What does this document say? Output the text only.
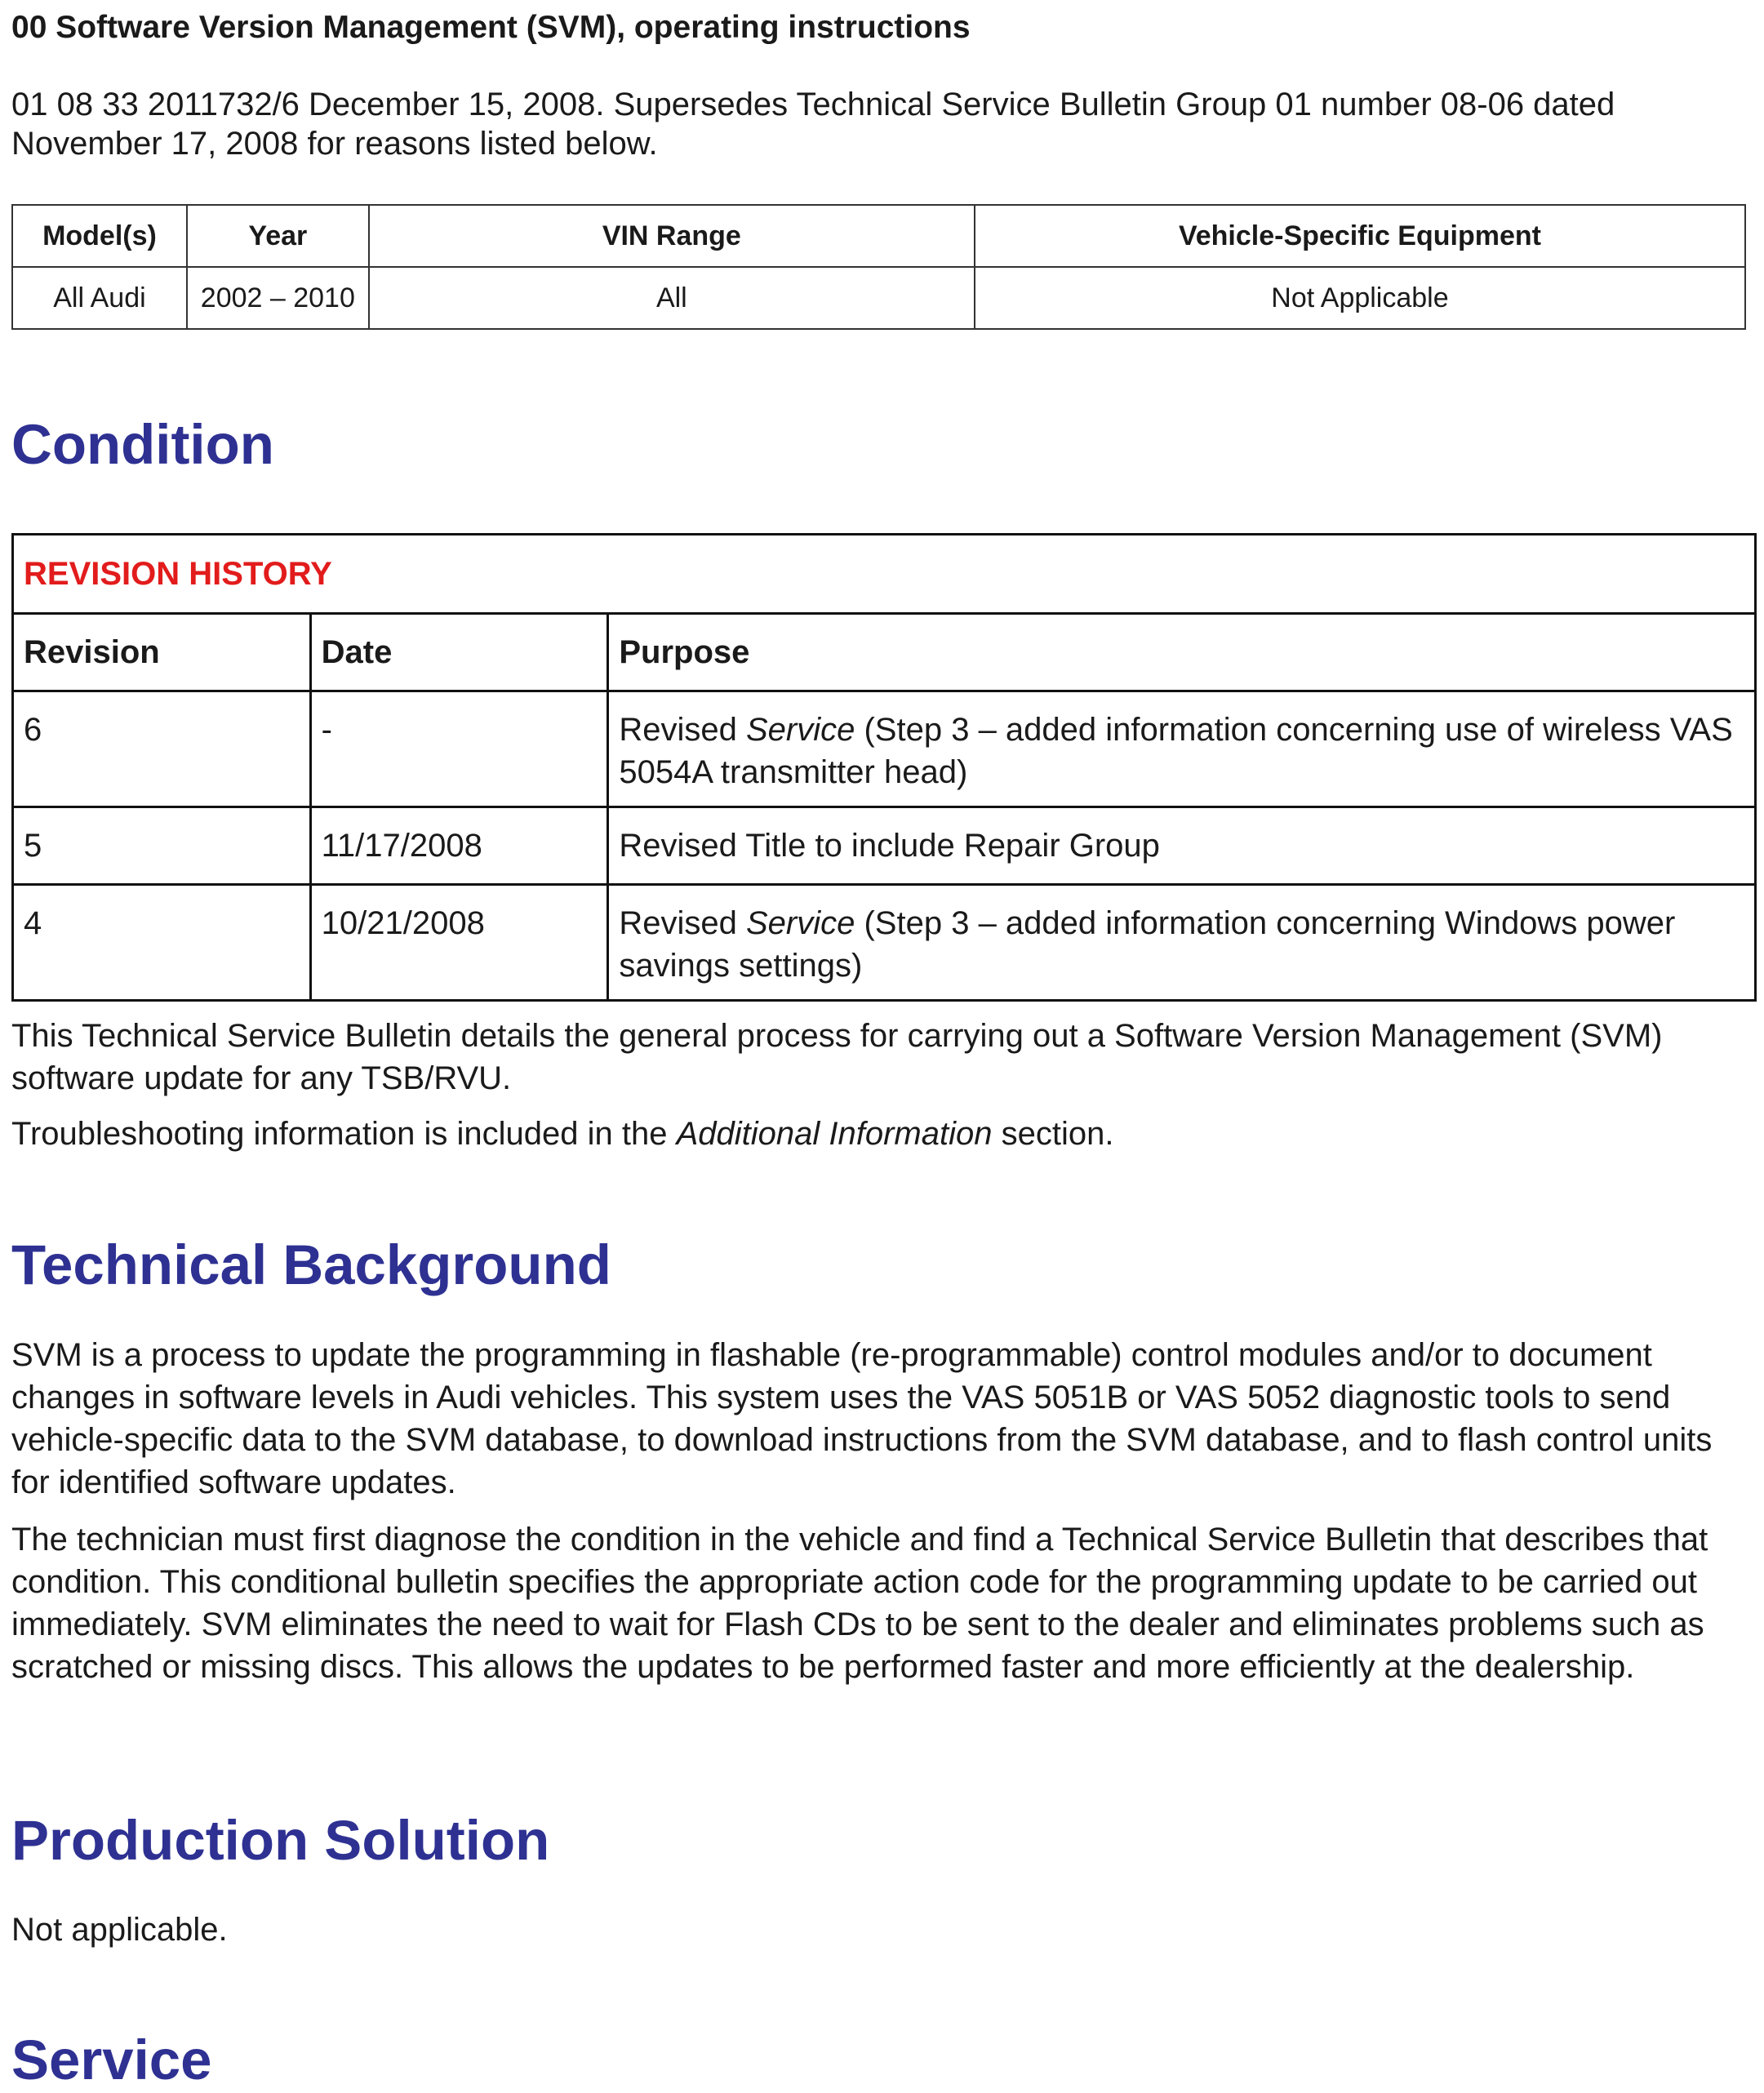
00 Software Version Management (SVM), operating instructions
01 08 33 2011732/6 December 15, 2008. Supersedes Technical Service Bulletin Group 01 number 08-06 dated November 17, 2008 for reasons listed below.
Model(s)	Year	VIN Range	Vehicle-Specific Equipment
All Audi	2002 – 2010	All	Not Applicable
Condition
REVISION HISTORY		
Revision	Date	Purpose
6	-	Revised Service (Step 3 – added information concerning use of wireless VAS 5054A transmitter head)
5	11/17/2008	Revised Title to include Repair Group
4	10/21/2008	Revised Service (Step 3 – added information concerning Windows power savings settings)
This Technical Service Bulletin details the general process for carrying out a Software Version Management (SVM) software update for any TSB/RVU.
Troubleshooting information is included in the Additional Information section.
Technical Background
SVM is a process to update the programming in flashable (re-programmable) control modules and/or to document changes in software levels in Audi vehicles. This system uses the VAS 5051B or VAS 5052 diagnostic tools to send vehicle-specific data to the SVM database, to download instructions from the SVM database, and to flash control units for identified software updates.
The technician must first diagnose the condition in the vehicle and find a Technical Service Bulletin that describes that condition. This conditional bulletin specifies the appropriate action code for the programming update to be carried out immediately. SVM eliminates the need to wait for Flash CDs to be sent to the dealer and eliminates problems such as scratched or missing discs. This allows the updates to be performed faster and more efficiently at the dealership.
Production Solution
Not applicable.
Service
